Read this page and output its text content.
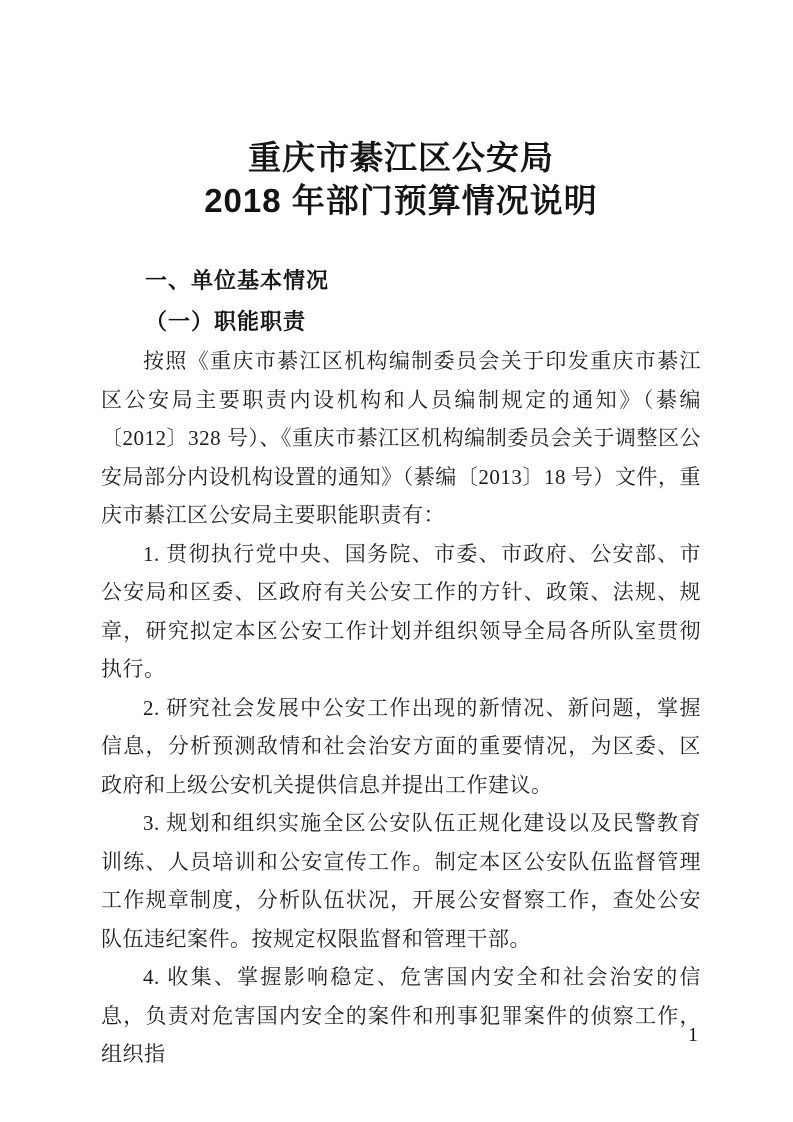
重庆市綦江区公安局
2018 年部门预算情况说明
一、单位基本情况
（一）职能职责

按照《重庆市綦江区机构编制委员会关于印发重庆市綦江区公安局主要职责内设机构和人员编制规定的通知》（綦编〔2012〕328 号）、《重庆市綦江区机构编制委员会关于调整区公安局部分内设机构设置的通知》（綦编〔2013〕18 号）文件，重庆市綦江区公安局主要职能职责有：

1. 贯彻执行党中央、国务院、市委、市政府、公安部、市公安局和区委、区政府有关公安工作的方针、政策、法规、规章，研究拟定本区公安工作计划并组织领导全局各所队室贯彻执行。

2. 研究社会发展中公安工作出现的新情况、新问题，掌握信息，分析预测敌情和社会治安方面的重要情况，为区委、区政府和上级公安机关提供信息并提出工作建议。

3. 规划和组织实施全区公安队伍正规化建设以及民警教育训练、人员培训和公安宣传工作。制定本区公安队伍监督管理工作规章制度，分析队伍状况，开展公安督察工作，查处公安队伍违纪案件。按规定权限监督和管理干部。

4. 收集、掌握影响稳定、危害国内安全和社会治安的信息，负责对危害国内安全的案件和刑事犯罪案件的侦察工作，组织指

1
